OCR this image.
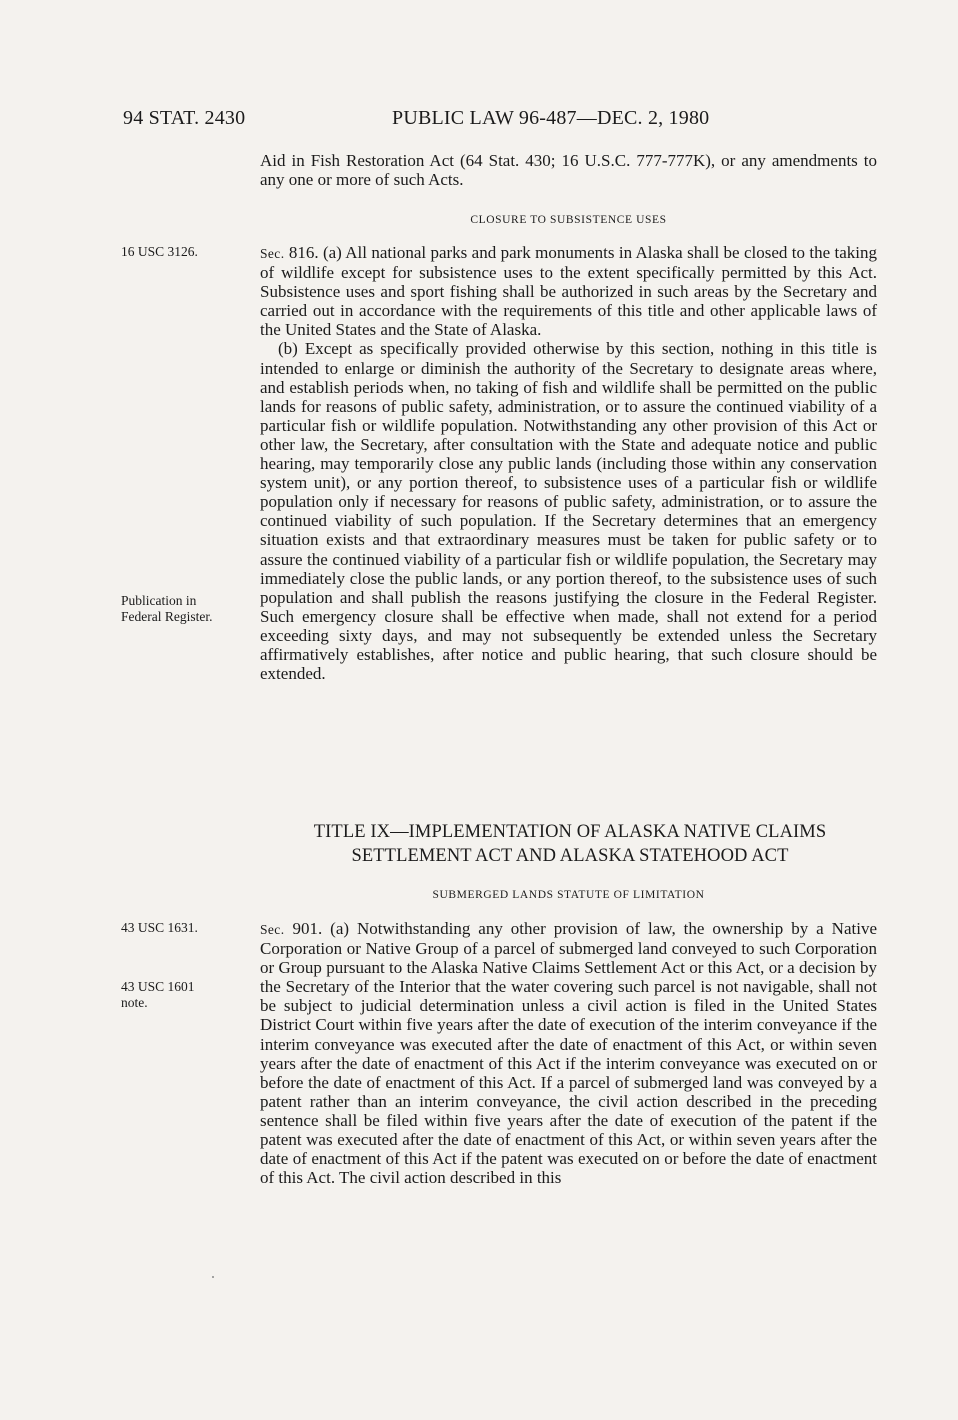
94 STAT. 2430	PUBLIC LAW 96-487—DEC. 2, 1980

Aid in Fish Restoration Act (64 Stat. 430; 16 U.S.C. 777-777K), or any amendments to any one or more of such Acts.

CLOSURE TO SUBSISTENCE USES
16 USC 3126.	Sec. 816. (a) All national parks and park monuments in Alaska shall be closed to the taking of wildlife except for subsistence uses to the extent specifically permitted by this Act. Subsistence uses and sport fishing shall be authorized in such areas by the Secretary and carried out in accordance with the requirements of this title and other applicable laws of the United States and the State of Alaska.

(b) Except as specifically provided otherwise by this section, nothing in this title is intended to enlarge or diminish the authority of the Secretary to designate areas where, and establish periods when, no taking of fish and wildlife shall be permitted on the public lands for reasons of public safety, administration, or to assure the continued viability of a particular fish or wildlife population. Notwithstanding any other provision of this Act or other law, the Secretary, after consultation with the State and adequate notice and public hearing, may temporarily close any public lands (including those within any conservation system unit), or any portion thereof, to subsistence uses of a particular fish or wildlife population only if necessary for reasons of public safety, administration, or to assure the continued viability of such population. If the Secretary determines that an emergency situation exists and that extraordinary measures must be taken for public safety or to assure the continued viability of a particular fish or wildlife population, the Secretary may immediately close the public lands, or any portion thereof, to the subsistence uses of such population and shall publish the reasons justifying the closure in the Federal Register. Such emergency closure shall be effective when made, shall not extend for a period exceeding sixty days, and may not subsequently be extended unless the Secretary affirmatively establishes, after notice and public hearing, that such closure should be extended.

Publication in Federal Register.
TITLE IX—IMPLEMENTATION OF ALASKA NATIVE CLAIMS
SETTLEMENT ACT AND ALASKA STATEHOOD ACT
SUBMERGED LANDS STATUTE OF LIMITATION
43 USC 1631.
43 USC 1601 note.

Sec. 901. (a) Notwithstanding any other provision of law, the ownership by a Native Corporation or Native Group of a parcel of submerged land conveyed to such Corporation or Group pursuant to the Alaska Native Claims Settlement Act or this Act, or a decision by the Secretary of the Interior that the water covering such parcel is not navigable, shall not be subject to judicial determination unless a civil action is filed in the United States District Court within five years after the date of execution of the interim conveyance if the interim conveyance was executed after the date of enactment of this Act, or within seven years after the date of enactment of this Act if the interim conveyance was executed on or before the date of enactment of this Act. If a parcel of submerged land was conveyed by a patent rather than an interim conveyance, the civil action described in the preceding sentence shall be filed within five years after the date of execution of the patent if the patent was executed after the date of enactment of this Act, or within seven years after the date of enactment of this Act if the patent was executed on or before the date of enactment of this Act. The civil action described in this
